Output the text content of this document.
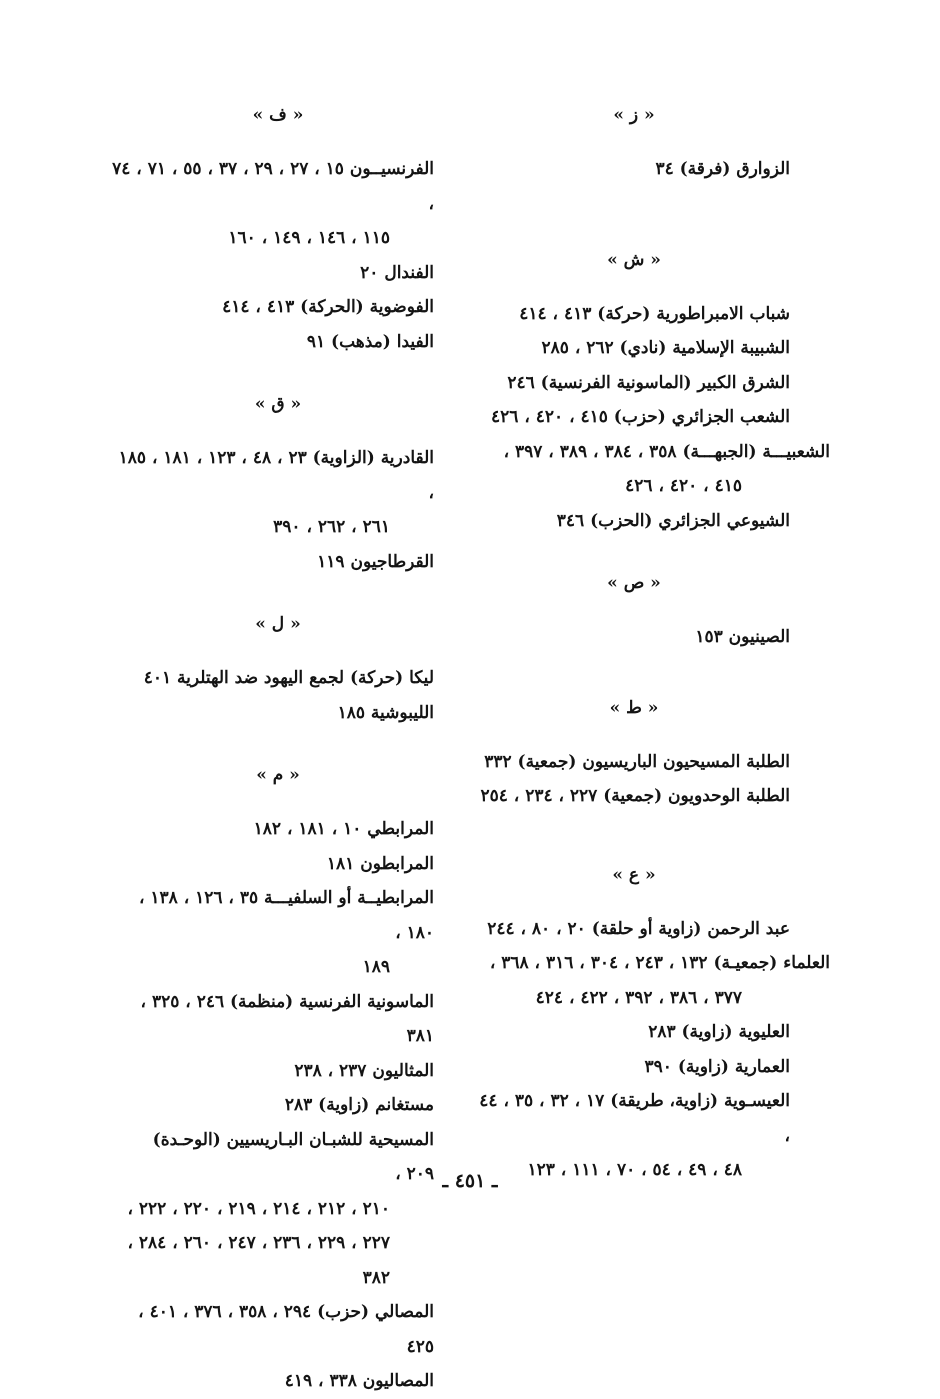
« ز »

الزوارق (فرقة) ٣٤

« ش »

شباب الامبراطورية (حركة) ٤١٣ ، ٤١٤

الشبيبة الإسلامية (نادي) ٢٦٢ ، ٢٨٥

الشرق الكبير (الماسونية الفرنسية) ٢٤٦

الشعب الجزائري (حزب) ٤١٥ ، ٤٢٠ ، ٤٢٦

الشعبيـــة (الجبهـــة) ٣٥٨ ، ٣٨٤ ، ٣٨٩ ، ٣٩٧ ،

٤١٥ ، ٤٢٠ ، ٤٢٦

الشيوعي الجزائري (الحزب) ٣٤٦

« ص »

الصينيون ١٥٣

« ط »

الطلبة المسيحيون الباريسيون (جمعية) ٣٣٢

الطلبة الوحدويون (جمعية) ٢٢٧ ، ٢٣٤ ، ٢٥٤

« ع »

عبد الرحمن (زاوية أو حلقة) ٢٠ ، ٨٠ ، ٢٤٤

العلماء (جمعيـة) ١٣٢ ، ٢٤٣ ، ٣٠٤ ، ٣١٦ ، ٣٦٨ ،

٣٧٧ ، ٣٨٦ ، ٣٩٢ ، ٤٢٢ ، ٤٢٤

العليوية (زاوية) ٢٨٣

العمارية (زاوية) ٣٩٠

العيسـوية (زاوية، طريقة) ١٧ ، ٣٢ ، ٣٥ ، ٤٤ ،

٤٨ ، ٤٩ ، ٥٤ ، ٧٠ ، ١١١ ، ١٢٣

« ف »

الفرنسيــون ١٥ ، ٢٧ ، ٢٩ ، ٣٧ ، ٥٥ ، ٧١ ، ٧٤ ،

١١٥ ، ١٤٦ ، ١٤٩ ، ١٦٠

الفندال ٢٠

الفوضوية (الحركة) ٤١٣ ، ٤١٤

الفيدا (مذهب) ٩١

« ق »

القادرية (الزاوية) ٢٣ ، ٤٨ ، ١٢٣ ، ١٨١ ، ١٨٥ ،

٢٦١ ، ٢٦٢ ، ٣٩٠

القرطاجيون ١١٩

« ل »

ليكا (حركة) لجمع اليهود ضد الهتلرية ٤٠١

الليبوشية ١٨٥

« م »

المرابطي ١٠ ، ١٨١ ، ١٨٢

المرابطون ١٨١

المرابطيــة أو السلفيـــة ٣٥ ، ١٢٦ ، ١٣٨ ، ١٨٠ ،

١٨٩

الماسونية الفرنسية (منظمة) ٢٤٦ ، ٣٢٥ ، ٣٨١

المثاليون ٢٣٧ ، ٢٣٨

مستغانم (زاوية) ٢٨٣

المسيحية للشبـان البـاريسيين (الوحـدة) ٢٠٩ ،

٢١٠ ، ٢١٢ ، ٢١٤ ، ٢١٩ ، ٢٢٠ ، ٢٢٢ ،

٢٢٧ ، ٢٢٩ ، ٢٣٦ ، ٢٤٧ ، ٢٦٠ ، ٢٨٤ ،

٣٨٢

المصالي (حزب) ٢٩٤ ، ٣٥٨ ، ٣٧٦ ، ٤٠١ ، ٤٢٥

المصاليون ٣٣٨ ، ٤١٩

ـ ٤٥١ ـ
